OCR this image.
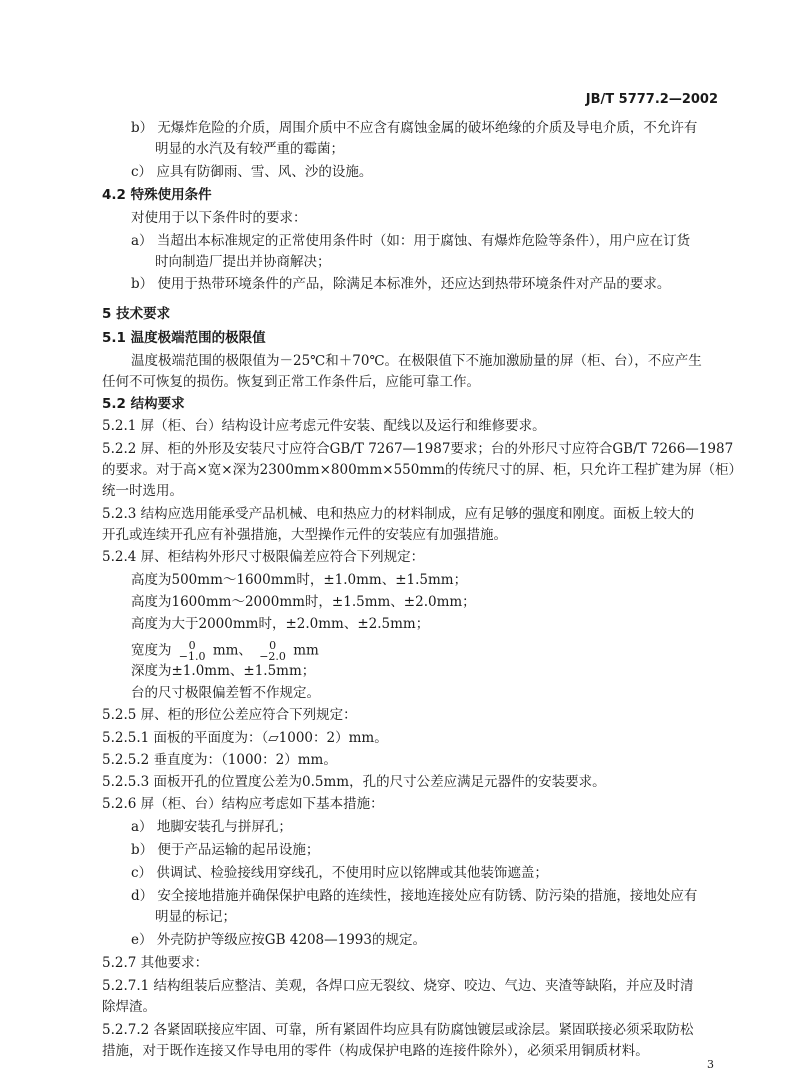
JB/T 5777.2—2002
b） 无爆炸危险的介质，周围介质中不应含有腐蚀金属的破坏绝缘的介质及导电介质，不允许有
明显的水汽及有较严重的霉菌；
c） 应具有防御雨、雪、风、沙的设施。
4.2 特殊使用条件
对使用于以下条件时的要求：
a） 当超出本标准规定的正常使用条件时（如：用于腐蚀、有爆炸危险等条件），用户应在订货
时向制造厂提出并协商解决；
b） 使用于热带环境条件的产品，除满足本标准外，还应达到热带环境条件对产品的要求。
5 技术要求
5.1 温度极端范围的极限值
温度极端范围的极限值为－25℃和＋70℃。在极限值下不施加激励量的屏（柜、台），不应产生
任何不可恢复的损伤。恢复到正常工作条件后，应能可靠工作。
5.2 结构要求
5.2.1 屏（柜、台）结构设计应考虑元件安装、配线以及运行和维修要求。
5.2.2 屏、柜的外形及安装尺寸应符合GB/T 7267—1987要求；台的外形尺寸应符合GB/T 7266—1987
的要求。对于高×宽×深为2300mm×800mm×550mm的传统尺寸的屏、柜，只允许工程扩建为屏（柜）
统一时选用。
5.2.3 结构应选用能承受产品机械、电和热应力的材料制成，应有足够的强度和刚度。面板上较大的
开孔或连续开孔应有补强措施，大型操作元件的安装应有加强措施。
5.2.4 屏、柜结构外形尺寸极限偏差应符合下列规定：
高度为500mm～1600mm时，±1.0mm、±1.5mm；
高度为1600mm～2000mm时，±1.5mm、±2.0mm；
高度为大于2000mm时，±2.0mm、±2.5mm；
深度为±1.0mm、±1.5mm；
台的尺寸极限偏差暂不作规定。
5.2.5 屏、柜的形位公差应符合下列规定：
5.2.5.1 面板的平面度为：（⏥1000：2）mm。
5.2.5.2 垂直度为：（1000：2）mm。
5.2.5.3 面板开孔的位置度公差为0.5mm，孔的尺寸公差应满足元器件的安装要求。
5.2.6 屏（柜、台）结构应考虑如下基本措施：
a） 地脚安装孔与拼屏孔；
b） 便于产品运输的起吊设施；
c） 供调试、检验接线用穿线孔，不使用时应以铭牌或其他装饰遮盖；
d） 安全接地措施并确保保护电路的连续性，接地连接处应有防锈、防污染的措施，接地处应有
明显的标记；
e） 外壳防护等级应按GB 4208—1993的规定。
5.2.7 其他要求：
5.2.7.1 结构组装后应整洁、美观，各焊口应无裂纹、烧穿、咬边、气边、夹渣等缺陷，并应及时清
除焊渣。
5.2.7.2 各紧固联接应牢固、可靠，所有紧固件均应具有防腐蚀镀层或涂层。紧固联接必须采取防松
措施，对于既作连接又作导电用的零件（构成保护电路的连接件除外），必须采用铜质材料。
宽度为 0
−1.0 mm、 0
−2.0 mm
3
